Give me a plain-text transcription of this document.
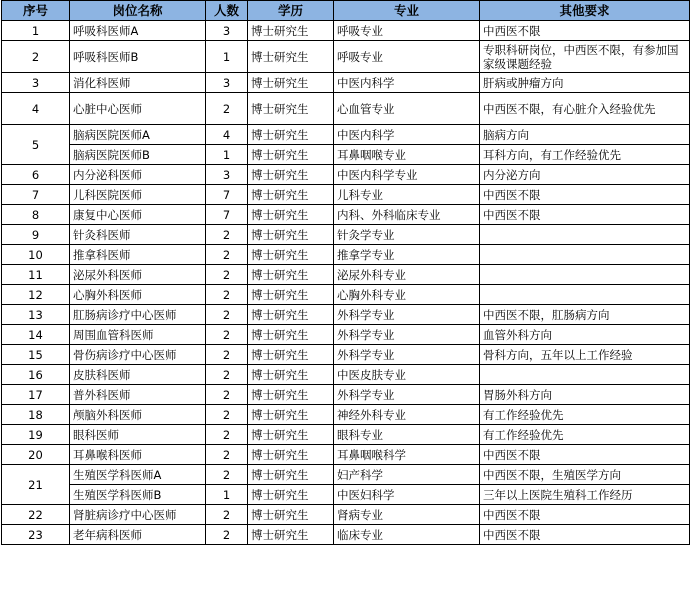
序号	岗位名称	人数	学历	专业	其他要求
1	呼吸科医师A	3	博士研究生	呼吸专业	中西医不限
2	呼吸科医师B	1	博士研究生	呼吸专业	专职科研岗位，中西医不限，有参加国家级课题经验
3	消化科医师	3	博士研究生	中医内科学	肝病或肿瘤方向
4	心脏中心医师	2	博士研究生	心血管专业	中西医不限，有心脏介入经验优先
5	脑病医院医师A	4	博士研究生	中医内科学	脑病方向
	脑病医院医师B	1	博士研究生	耳鼻咽喉专业	耳科方向，有工作经验优先
6	内分泌科医师	3	博士研究生	中医内科学专业	内分泌方向
7	儿科医院医师	7	博士研究生	儿科专业	中西医不限
8	康复中心医师	7	博士研究生	内科、外科临床专业	中西医不限
9	针灸科医师	2	博士研究生	针灸学专业	
10	推拿科医师	2	博士研究生	推拿学专业	
11	泌尿外科医师	2	博士研究生	泌尿外科专业	
12	心胸外科医师	2	博士研究生	心胸外科专业	
13	肛肠病诊疗中心医师	2	博士研究生	外科学专业	中西医不限，肛肠病方向
14	周围血管科医师	2	博士研究生	外科学专业	血管外科方向
15	骨伤病诊疗中心医师	2	博士研究生	外科学专业	骨科方向，五年以上工作经验
16	皮肤科医师	2	博士研究生	中医皮肤专业	
17	普外科医师	2	博士研究生	外科学专业	胃肠外科方向
18	颅脑外科医师	2	博士研究生	神经外科专业	有工作经验优先
19	眼科医师	2	博士研究生	眼科专业	有工作经验优先
20	耳鼻喉科医师	2	博士研究生	耳鼻咽喉科学	中西医不限
21	生殖医学科医师A	2	博士研究生	妇产科学	中西医不限，生殖医学方向
	生殖医学科医师B	1	博士研究生	中医妇科学	三年以上医院生殖科工作经历
22	肾脏病诊疗中心医师	2	博士研究生	肾病专业	中西医不限
23	老年病科医师	2	博士研究生	临床专业	中西医不限
